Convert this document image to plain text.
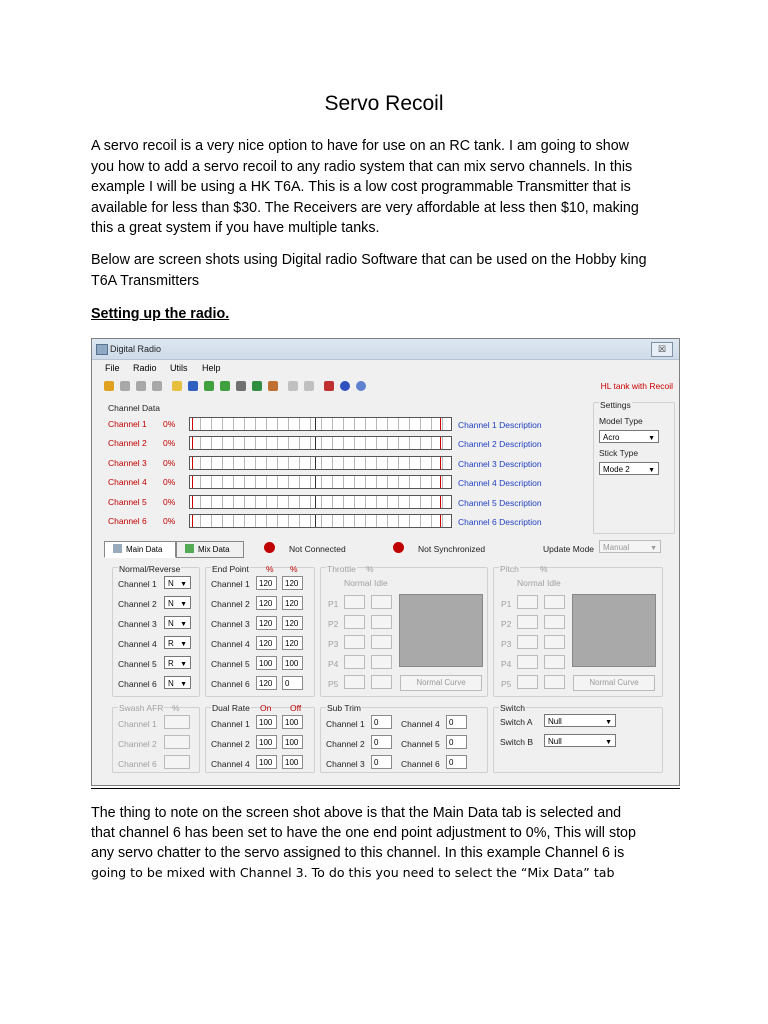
Servo Recoil

A servo recoil is a very nice option to have for use on an RC tank. I am going to show
you how to add a servo recoil to any radio system that can mix servo channels. In this
example I will be using a HK T6A. This is a low cost programmable Transmitter that is
available for less than $30. The Receivers are very affordable at less then $10, making
this a great system if you have multiple tanks.

Below are screen shots using Digital radio Software that can be used on the Hobby king
T6A Transmitters

Setting up the radio.
Digital Radio	☒
File Radio Utils Help
HL tank with Recoil
Channel Data
Channel 1 0%	Channel 1 Description
Channel 2 0%	Channel 2 Description
Channel 3 0%	Channel 3 Description
Channel 4 0%	Channel 4 Description
Channel 5 0%	Channel 5 Description
Channel 6 0%	Channel 6 Description
Settings
Model Type
Acro	▼
Stick Type
Mode 2	▼
Main Data	Mix Data	Not Connected	Not Synchronized	Update Mode	Manual	▼
Normal/Reverse
Channel 1	N ▼
Channel 2	N ▼
Channel 3	N ▼
Channel 4	R ▼
Channel 5	R ▼
Channel 6	N ▼
End Point % %
Channel 1	120	120
Channel 2	120	120
Channel 3	120	120
Channel 4	120	120
Channel 5	100	100
Channel 6	120	0
Throttle %
Normal Idle
P1
P2
P3
P4
P5	Normal Curve
Pitch %
Normal Idle
P1
P2
P3
P4
P5	Normal Curve
Swash AFR %
Channel 1
Channel 2
Channel 6
Dual Rate On Off
Channel 1	100	100
Channel 2	100	100
Channel 4	100	100
Sub Trim
Channel 1	0	Channel 4	0
Channel 2	0	Channel 5	0
Channel 3	0	Channel 6	0
Switch
Switch A	Null	▼
Switch B	Null	▼

The thing to note on the screen shot above is that the Main Data tab is selected and
that channel 6 has been set to have the one end point adjustment to 0%, This will stop
any servo chatter to the servo assigned to this channel. In this example Channel 6 is
going to be mixed with Channel 3. To do this you need to select the “Mix Data” tab
